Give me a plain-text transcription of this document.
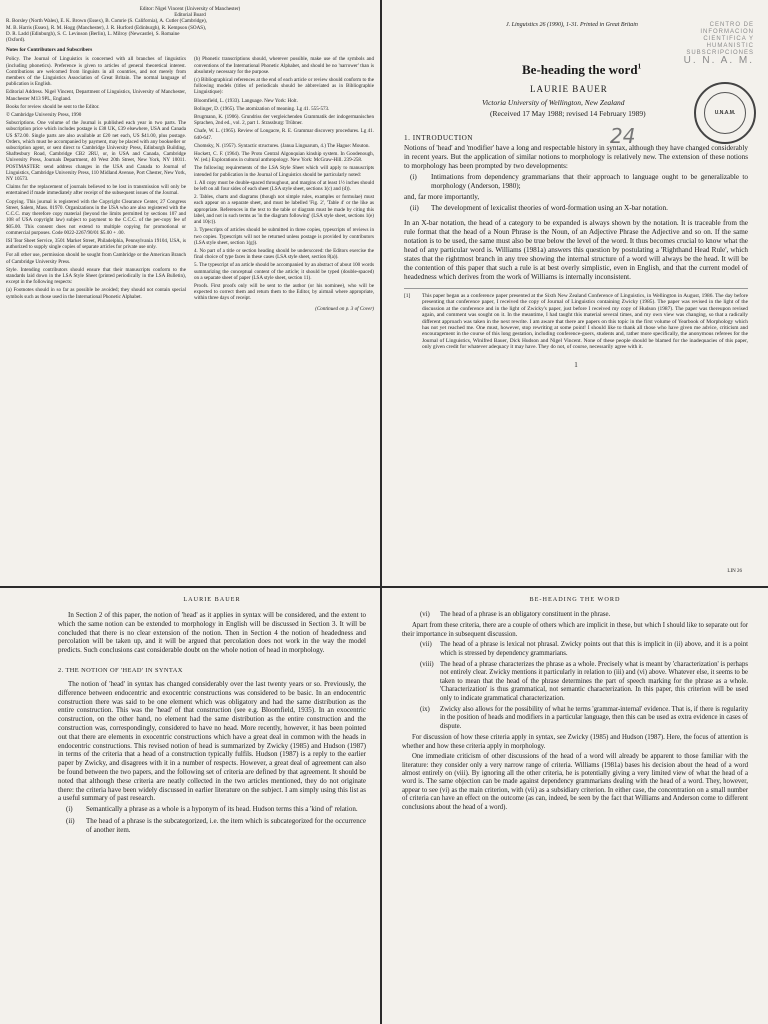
Editor: Nigel Vincent (University of Manchester)
Editorial Board
R. Borsley (North Wales), E. K. Brown (Essex), B. Comrie (S. California), A. Cutler (Cambridge),
M. B. Harris (Essex), R. M. Hogg (Manchester), J. R. Hurford (Edinburgh), R. Kempson (SOAS),
D. R. Ladd (Edinburgh), S. C. Levinson (Berlin), L. Milroy (Newcastle), S. Romaine
(Oxford).
Notes for Contributors and Subscribers

Policy. The Journal of Linguistics is concerned with all branches of linguistics (including phonetics). Preference is given to articles of general theoretical interest. Contributions are welcomed from linguists in all countries, and not merely from members of the Linguistics Association of Great Britain. The normal language of publication is English.

Editorial Address. Nigel Vincent, Department of Linguistics, University of Manchester, Manchester M13 9PL, England.

Books for review should be sent to the Editor.

© Cambridge University Press, 1990

Subscriptions. One volume of the Journal is published each year in two parts. The subscription price which includes postage is £38 UK, £39 elsewhere, USA and Canada US $72.00. Single parts are also available at £20 net each, US $41.00, plus postage. Orders, which must be accompanied by payment, may be placed with any bookseller or subscription agent, or sent direct to Cambridge University Press, Edinburgh Building, Shaftesbury Road, Cambridge CB2 2RU, or, in USA and Canada, Cambridge University Press, Journals Department, 40 West 20th Street, New York, NY 10011. POSTMASTER: send address changes in the USA and Canada to Journal of Linguistics, Cambridge University Press, 110 Midland Avenue, Port Chester, New York, NY 10573.

Claims for the replacement of journals believed to be lost in transmission will only be entertained if made immediately after receipt of the subsequent issues of the Journal.

Copying. This journal is registered with the Copyright Clearance Center, 27 Congress Street, Salem, Mass. 01970. Organizations in the USA who are also registered with the C.C.C. may therefore copy material (beyond the limits permitted by sections 107 and 108 of USA copyright law) subject to payment to the C.C.C. of the per-copy fee of $05.00. This consent does not extend to multiple copying for promotional or commercial purposes. Code 0022-2267/90/01 $5.00 + .00.

ISI Tear Sheet Service, 3501 Market Street, Philadelphia, Pennsylvania 19104, USA, is authorized to supply single copies of separate articles for private use only.

For all other use, permission should be sought from Cambridge or the American Branch of Cambridge University Press.

Style. Intending contributors should ensure that their manuscripts conform to the standards laid down in the LSA Style Sheet (printed periodically in the LSA Bulletin), except in the following respects:

(a) Footnotes should in so far as possible be avoided; they should not contain special symbols such as those used in the International Phonetic Alphabet.

(b) Phonetic transcriptions should, wherever possible, make use of the symbols and conventions of the International Phonetic Alphabet, and should be no 'narrower' than is absolutely necessary for the purpose.

(c) Bibliographical references at the end of each article or review should conform to the following models (titles of periodicals should be abbreviated as in Bibliographie Linguistique):

Bloomfield, L. (1933). Language. New York: Holt.

Bolinger, D. (1965). The atomization of meaning. Lg 41. 555-573.

Brugmann, K. (1906). Grundriss der vergleichenden Grammatik der indogermanischen Sprachen, 2nd ed., vol. 2, part 1. Strassburg: Trübner.

Chafe, W. L. (1965). Review of Longacre, R. E. Grammar discovery procedures. Lg 41. 640-647.

Chomsky, N. (1957). Syntactic structures. (Janua Linguarum, 4.) The Hague: Mouton.

Hockett, C. F. (1964). The Proto Central Algonquian kinship system. In Goodenough, W. (ed.) Explorations in cultural anthropology. New York: McGraw-Hill. 239-258.

The following requirements of the LSA Style Sheet which will apply to manuscripts intended for publication in the Journal of Linguistics should be particularly noted:

1. All copy must be double-spaced throughout, and margins of at least 1½ inches should be left on all four sides of each sheet (LSA style sheet, sections 1(c) and (d)).

2. Tables, charts and diagrams (though not simple rules, examples or formulae) must each appear on a separate sheet, and must be labelled 'Fig. 2', 'Table 4' or the like as appropriate. References in the text to the table or diagram must be made by citing this label, and not in such terms as 'in the diagram following' (LSA style sheet, sections 1(e) and 10(c)).

3. Typescripts of articles should be submitted in three copies, typescripts of reviews in two copies. Typescripts will not be returned unless postage is provided by contributors (LSA style sheet, section 1(g)).

4. No part of a title or section heading should be underscored: the Editors exercise the final choice of type faces in these cases (LSA style sheet, section 8(a)).

5. The typescript of an article should be accompanied by an abstract of about 100 words summarizing the conceptual content of the article; it should be typed (double-spaced) on a separate sheet of paper (LSA style sheet, section 11).

Proofs. First proofs only will be sent to the author (or his nominee), who will be expected to correct them and return them to the Editor, by airmail where appropriate, within three days of receipt.

(Continued on p. 3 of Cover)
J. Linguistics 26 (1990), 1-31. Printed in Great Britain	CENTRO DE INFORMACION
CIENTIFICA Y HUMANISTIC
SUBSCRIPCIONES
U. N. A. M.
U.N.A.M.
24
Be-heading the word$^1$
LAURIE BAUER
Victoria University of Wellington, New Zealand
(Received 17 May 1988; revised 14 February 1989)
1. INTRODUCTION

Notions of 'head' and 'modifier' have a long and respectable history in syntax, although they have changed considerably in recent years. But the application of similar notions to morphology is relatively new. The extension of these notions to morphology has been prompted by two developments:

(i)	Intimations from dependency grammarians that their approach to language ought to be generalizable to morphology (Anderson, 1980);

and, far more importantly,

(ii)	The development of lexicalist theories of word-formation using an X-bar notation.

In an X-bar notation, the head of a category to be expanded is always shown by the notation. It is traceable from the rule format that the head of a Noun Phrase is the Noun, of an Adjective Phrase the Adjective and so on. If the same notation is to be used, the same must also be true below the level of the word. It thus becomes crucial to know what the head of any particular word is. Williams (1981a) answers this question by postulating a 'Righthand Head Rule', which states that the rightmost branch in any tree showing the internal structure of a word will always be the head. It will be the contention of this paper that such a rule is at best overly simplistic, even in English, and that the current model of headedness which derives from the work of Williams is internally inconsistent.

[1]	This paper began as a conference paper presented at the Sixth New Zealand Conference of Linguistics, in Wellington in August, 1986. The day before presenting that conference paper, I received the copy of Journal of Linguistics containing Zwicky (1985). The paper was revised in the light of the discussion at the conference and in the light of Zwicky's paper, just before I received my copy of Hudson (1987). The paper was thereupon revised again, and comment was sought on it. In the meantime, I had taught this material several times, and my own view was changing, so that a radically different approach was taken in the next rewrite. I am aware that there are papers on this topic in the first volume of Yearbook of Morphology which has not yet reached me. One must, however, stop rewriting at some point! I should like to thank all those who have given me advice, criticism and encouragement in the course of this long gestation, including conference-goers, students and, rather more specifically, the anonymous referees for the Journal of Linguistics, Winifred Bauer, Dick Hudson and Nigel Vincent. None of these people should be blamed for the inadequacies of this paper, only given credit for whatever adequacy it may have. They do not, of course, necessarily agree with it.
1
LIN 26
LAURIE BAUER

In Section 2 of this paper, the notion of 'head' as it applies in syntax will be considered, and the extent to which the same notion can be extended to morphology in English will be discussed in Section 3. It will be concluded that there is no clear extension of the notion. Then in Section 4 the notion of headedness and percolation will be taken up, and it will be argued that percolation does not work in the way the model predicts. Such conclusions cast considerable doubt on the whole notion of head in morphology.

2. THE NOTION OF 'HEAD' IN SYNTAX

The notion of 'head' in syntax has changed considerably over the last twenty years or so. Previously, the difference between endocentric and exocentric constructions was considered to be basic. In an endocentric construction there was said to be one element which was obligatory and had the same distribution as the entire construction. This was the 'head' of that construction (see e.g. Bloomfield, 1935). In an exocentric construction, on the other hand, no element had the same distribution as the entire construction and the construction was, correspondingly, considered to have no head. More recently, however, it has been pointed out that there are elements in exocentric constructions which have a great deal in common with the heads in endocentric constructions. This revised notion of head is summarized by Zwicky (1985) and Hudson (1987) in terms of the criteria that a head of a construction typically fulfils. Hudson (1987) is a reply to the earlier paper by Zwicky, and disagrees with it in a number of respects. However, a great deal of agreement can also be found between the two papers, and the following set of criteria are defined by that agreement. It should be noted that although these criteria are neatly collected in the two articles mentioned, they do not originate there: the criteria have been widely discussed in earlier literature on the subject. I am simply using this list as a useful summary of past research.

(i)	Semantically a phrase as a whole is a hyponym of its head. Hudson terms this a 'kind of' relation.
(ii)	The head of a phrase is the subcategorized, i.e. the item which is subcategorized for the occurrence of another item.
BE-HEADING THE WORD
(vi)	The head of a phrase is an obligatory constituent in the phrase.

Apart from these criteria, there are a couple of others which are implicit in these, but which I should like to separate out for their importance in subsequent discussion.

(vii)	The head of a phrase is lexical not phrasal. Zwicky points out that this is implicit in (ii) above, and it is a point which is stressed by dependency grammarians.
(viii) The head of a phrase characterizes the phrase as a whole. Precisely what is meant by 'characterization' is perhaps not entirely clear. Zwicky mentions it particularly in relation to (iii) and (vi) above. Whatever else, it seems to be taken to mean that the head of the phrase determines the part of speech marking for the phrase as a whole. 'Characterization' is thus grammatical, not semantic characterization. In this paper, this criterion will be used only to indicate grammatical characterization.
(ix)	Zwicky also allows for the possibility of what he terms 'grammar-internal' evidence. That is, if there is regularity in the position of heads and modifiers in a particular language, then this can be used as extra evidence in cases of dispute.

For discussion of how these criteria apply in syntax, see Zwicky (1985) and Hudson (1987). Here, the focus of attention is whether and how these criteria apply in morphology.

One immediate criticism of other discussions of the head of a word will already be apparent to those familiar with the literature: they consider only a very narrow range of criteria. Williams (1981a) bases his decision about the head of a word almost entirely on (viii). By ignoring all the other criteria, he is potentially giving a very limited view of what the head of a word is. The same objection can be made against dependency grammarians dealing with the head of a word. They, however, appear to see (vi) as the main criterion, with (vii) as a subsidiary criterion. In either case, the concentration on a small number of criteria can have an effect on the outcome (as can, indeed, be seen by the fact that Williams and Anderson come to different conclusions about the head of a word).
